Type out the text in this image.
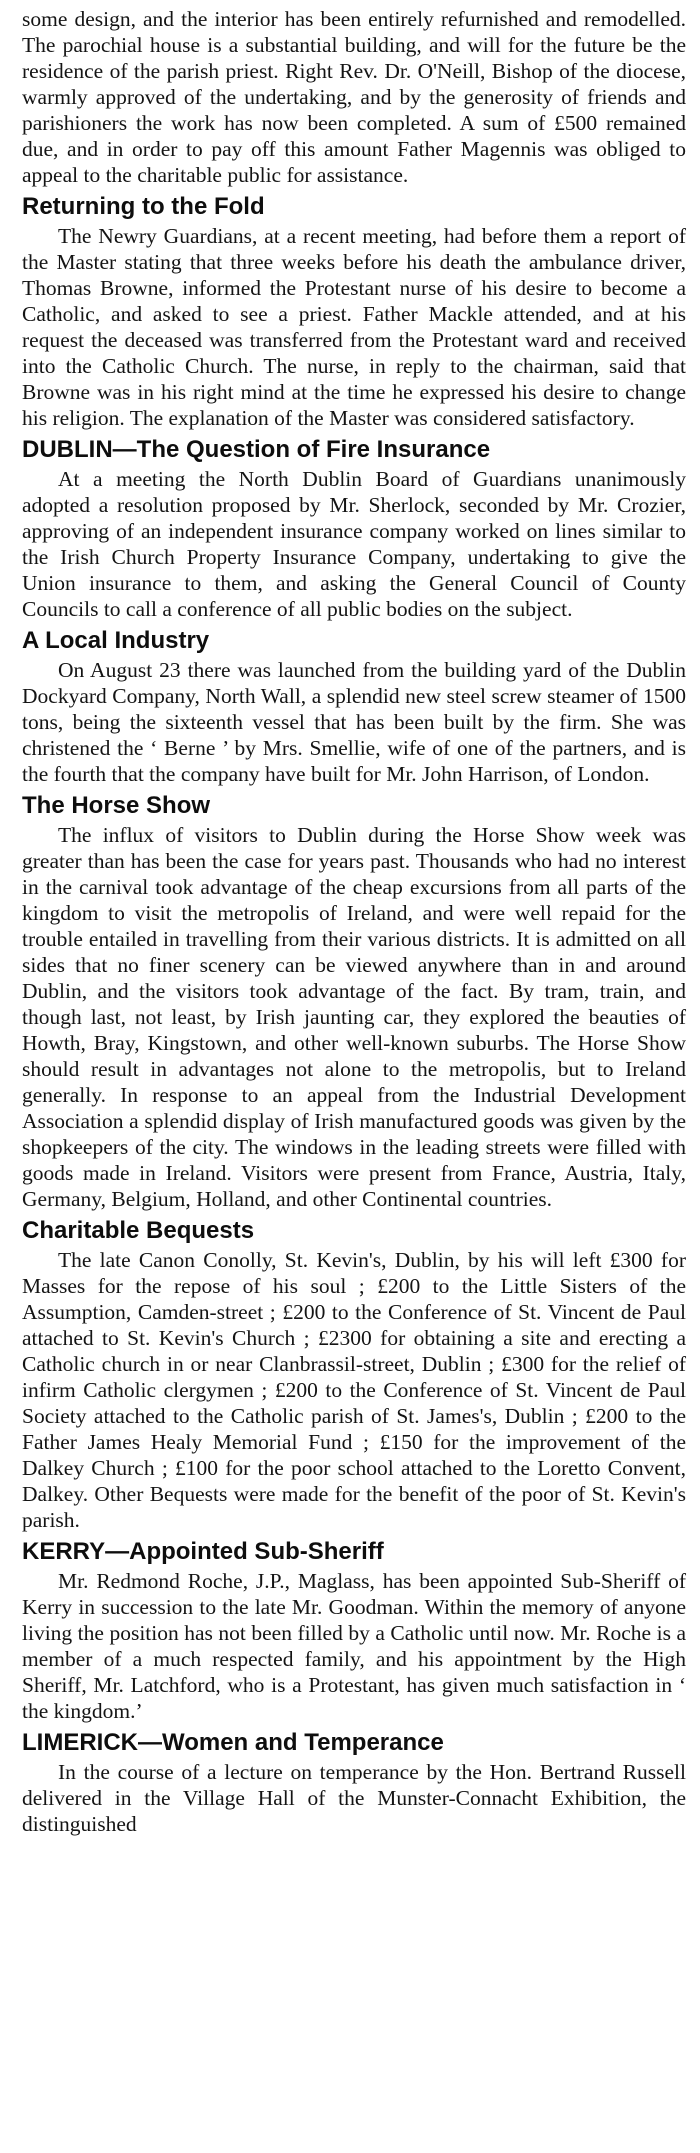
some design, and the interior has been entirely refurnished and remodelled. The parochial house is a substantial building, and will for the future be the residence of the parish priest. Right Rev. Dr. O'Neill, Bishop of the diocese, warmly approved of the undertaking, and by the generosity of friends and parishioners the work has now been completed. A sum of £500 remained due, and in order to pay off this amount Father Magennis was obliged to appeal to the charitable public for assistance.

Returning to the Fold

The Newry Guardians, at a recent meeting, had before them a report of the Master stating that three weeks before his death the ambulance driver, Thomas Browne, informed the Protestant nurse of his desire to become a Catholic, and asked to see a priest. Father Mackle attended, and at his request the deceased was transferred from the Protestant ward and received into the Catholic Church. The nurse, in reply to the chairman, said that Browne was in his right mind at the time he expressed his desire to change his religion. The explanation of the Master was considered satisfactory.

DUBLIN—The Question of Fire Insurance

At a meeting the North Dublin Board of Guardians unanimously adopted a resolution proposed by Mr. Sherlock, seconded by Mr. Crozier, approving of an independent insurance company worked on lines similar to the Irish Church Property Insurance Company, undertaking to give the Union insurance to them, and asking the General Council of County Councils to call a conference of all public bodies on the subject.

A Local Industry

On August 23 there was launched from the building yard of the Dublin Dockyard Company, North Wall, a splendid new steel screw steamer of 1500 tons, being the sixteenth vessel that has been built by the firm. She was christened the ‘ Berne ’ by Mrs. Smellie, wife of one of the partners, and is the fourth that the company have built for Mr. John Harrison, of London.

The Horse Show

The influx of visitors to Dublin during the Horse Show week was greater than has been the case for years past. Thousands who had no interest in the carnival took advantage of the cheap excursions from all parts of the kingdom to visit the metropolis of Ireland, and were well repaid for the trouble entailed in travelling from their various districts. It is admitted on all sides that no finer scenery can be viewed anywhere than in and around Dublin, and the visitors took advantage of the fact. By tram, train, and though last, not least, by Irish jaunting car, they explored the beauties of Howth, Bray, Kingstown, and other well-known suburbs. The Horse Show should result in advantages not alone to the metropolis, but to Ireland generally. In response to an appeal from the Industrial Development Association a splendid display of Irish manufactured goods was given by the shopkeepers of the city. The windows in the leading streets were filled with goods made in Ireland. Visitors were present from France, Austria, Italy, Germany, Belgium, Holland, and other Continental countries.

Charitable Bequests

The late Canon Conolly, St. Kevin's, Dublin, by his will left £300 for Masses for the repose of his soul ; £200 to the Little Sisters of the Assumption, Camden-street ; £200 to the Conference of St. Vincent de Paul attached to St. Kevin's Church ; £2300 for obtaining a site and erecting a Catholic church in or near Clanbrassil-street, Dublin ; £300 for the relief of infirm Catholic clergymen ; £200 to the Conference of St. Vincent de Paul Society attached to the Catholic parish of St. James's, Dublin ; £200 to the Father James Healy Memorial Fund ; £150 for the improvement of the Dalkey Church ; £100 for the poor school attached to the Loretto Convent, Dalkey. Other Bequests were made for the benefit of the poor of St. Kevin's parish.

KERRY—Appointed Sub-Sheriff

Mr. Redmond Roche, J.P., Maglass, has been appointed Sub-Sheriff of Kerry in succession to the late Mr. Goodman. Within the memory of anyone living the position has not been filled by a Catholic until now. Mr. Roche is a member of a much respected family, and his appointment by the High Sheriff, Mr. Latchford, who is a Protestant, has given much satisfaction in ‘ the kingdom.’

LIMERICK—Women and Temperance

In the course of a lecture on temperance by the Hon. Bertrand Russell delivered in the Village Hall of the Munster-Connacht Exhibition, the distinguished
